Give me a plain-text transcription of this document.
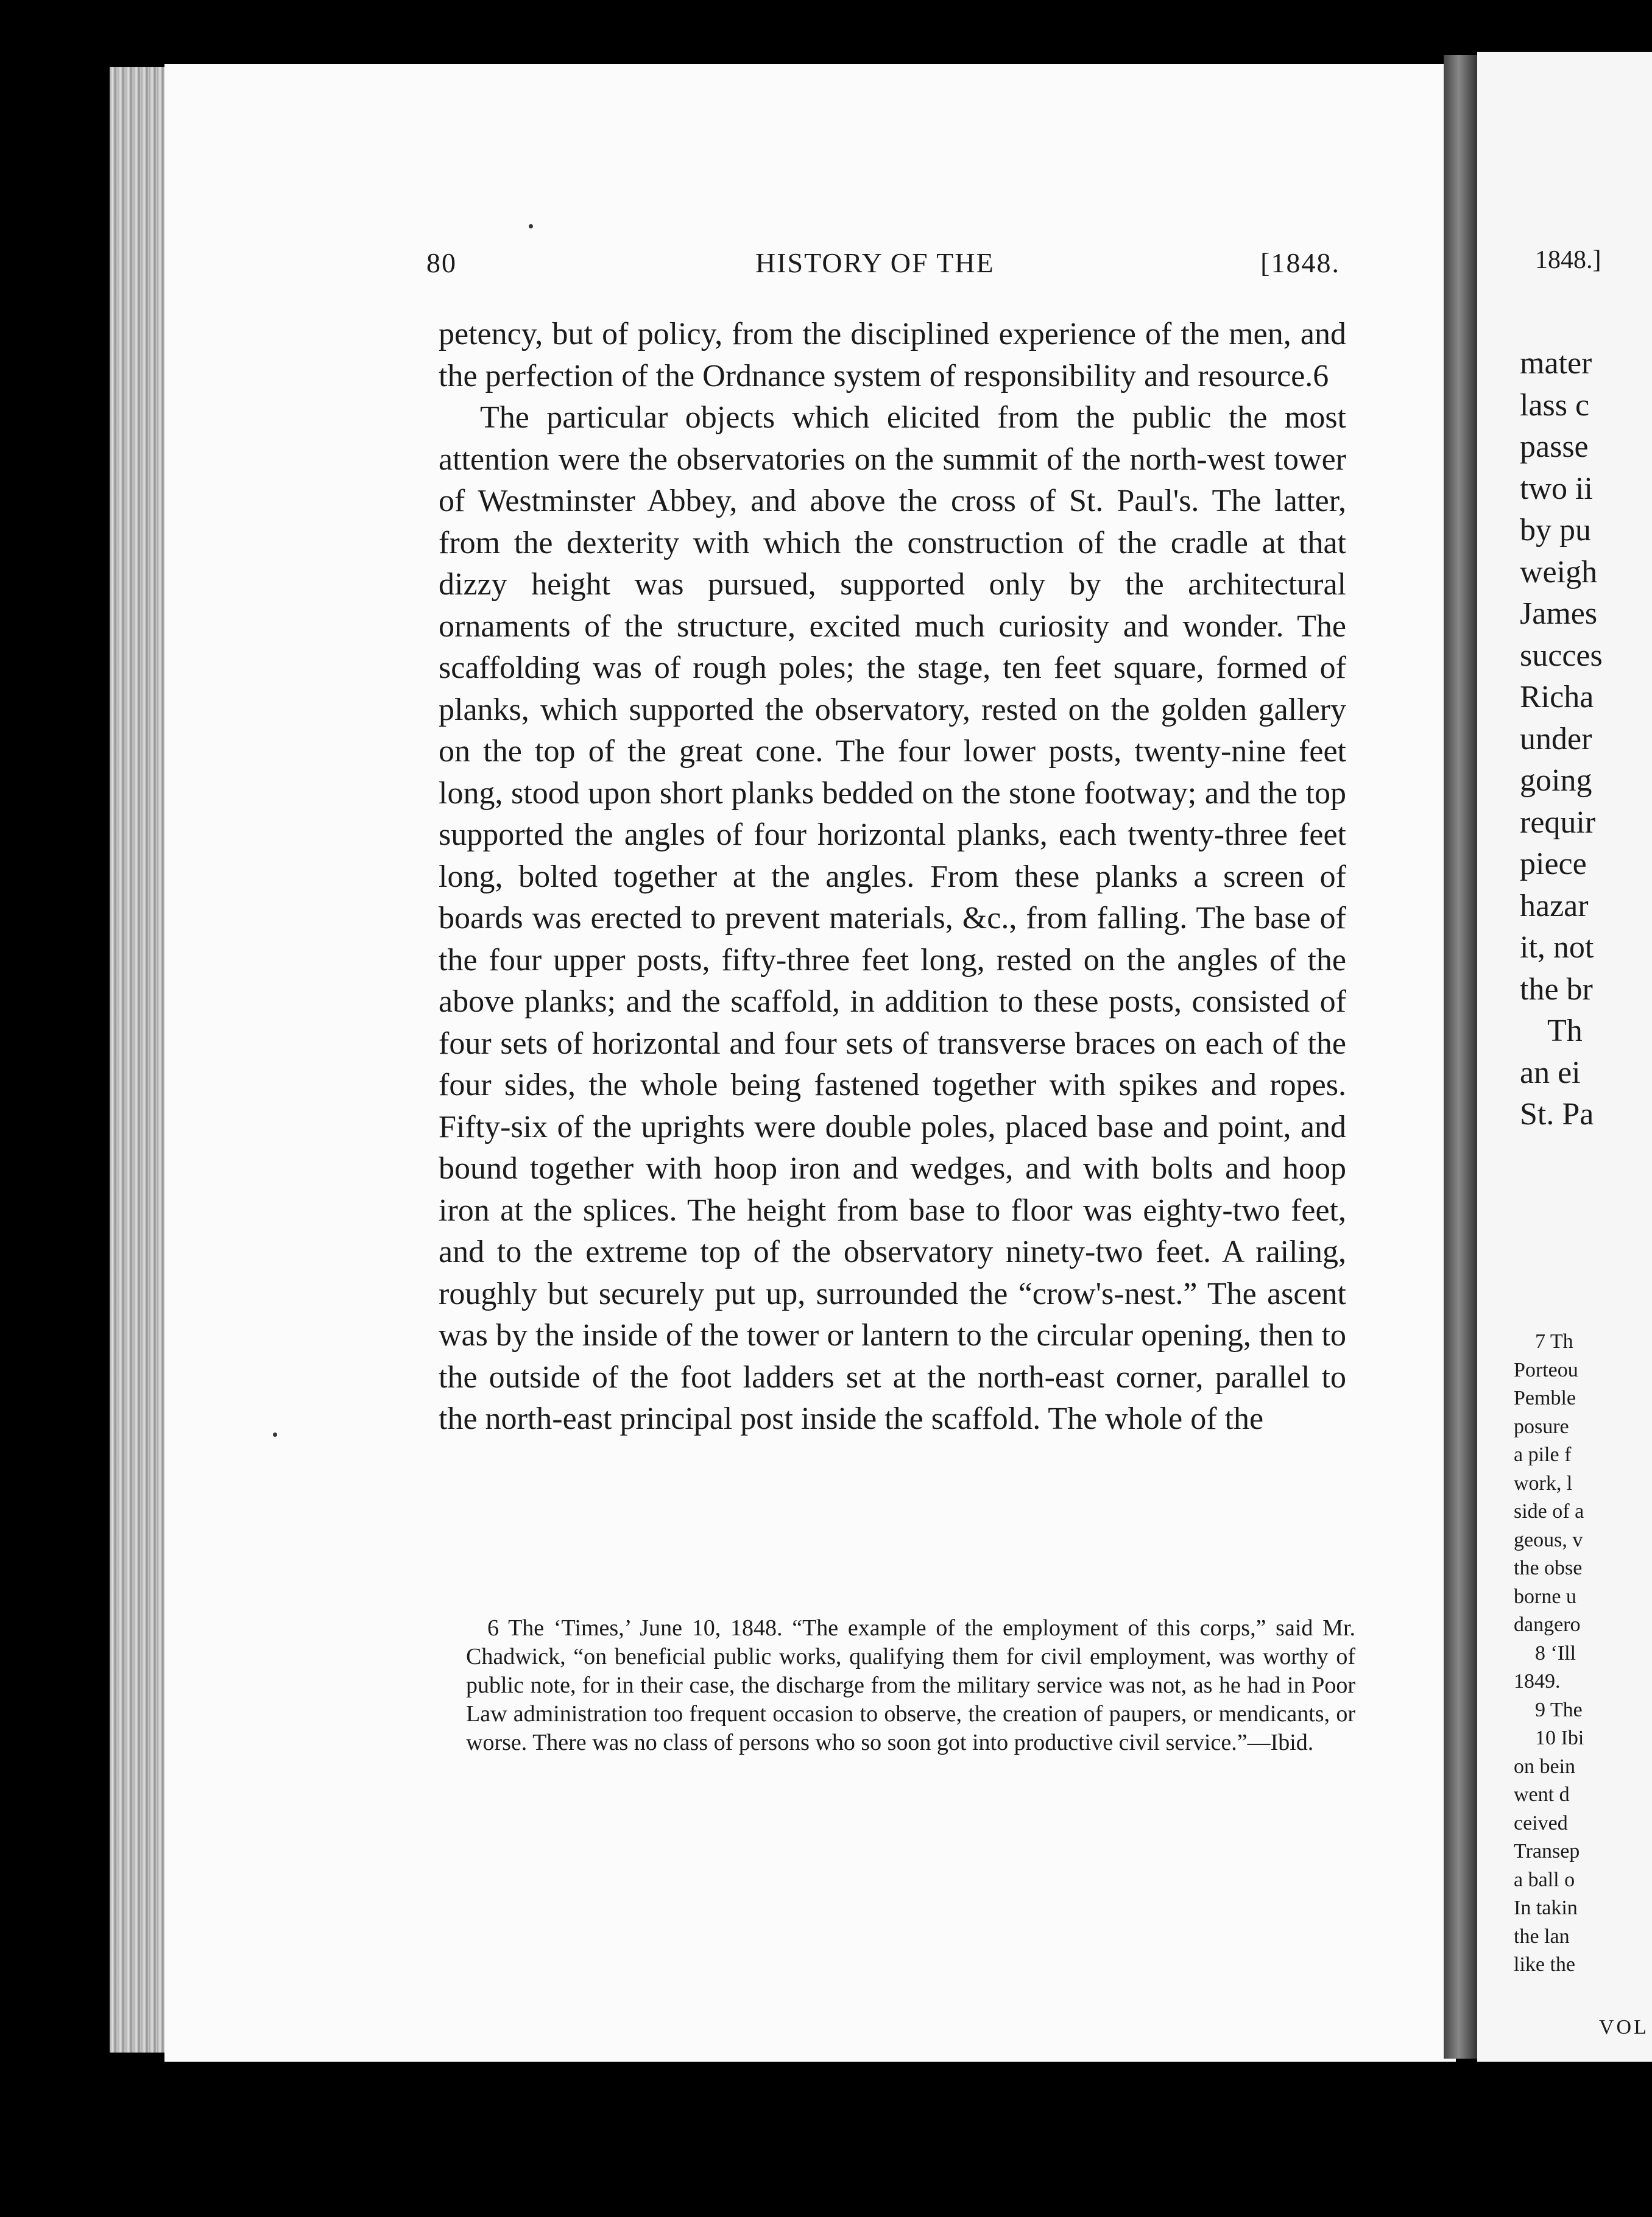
80	HISTORY OF THE	[1848.

petency, but of policy, from the disciplined experience of the men, and the perfection of the Ordnance system of responsibility and resource.6

The particular objects which elicited from the public the most attention were the observatories on the summit of the north-west tower of Westminster Abbey, and above the cross of St. Paul's. The latter, from the dexterity with which the construction of the cradle at that dizzy height was pursued, supported only by the architectural ornaments of the structure, excited much curiosity and wonder. The scaffolding was of rough poles; the stage, ten feet square, formed of planks, which supported the observatory, rested on the golden gallery on the top of the great cone. The four lower posts, twenty-nine feet long, stood upon short planks bedded on the stone footway; and the top supported the angles of four horizontal planks, each twenty-three feet long, bolted together at the angles. From these planks a screen of boards was erected to prevent materials, &c., from falling. The base of the four upper posts, fifty-three feet long, rested on the angles of the above planks; and the scaffold, in addition to these posts, consisted of four sets of horizontal and four sets of transverse braces on each of the four sides, the whole being fastened together with spikes and ropes. Fifty-six of the uprights were double poles, placed base and point, and bound together with hoop iron and wedges, and with bolts and hoop iron at the splices. The height from base to floor was eighty-two feet, and to the extreme top of the observatory ninety-two feet. A railing, roughly but securely put up, surrounded the “crow's-nest.” The ascent was by the inside of the tower or lantern to the circular opening, then to the outside of the foot ladders set at the north-east corner, parallel to the north-east principal post inside the scaffold. The whole of the

6 The ‘Times,’ June 10, 1848. “The example of the employment of this corps,” said Mr. Chadwick, “on beneficial public works, qualifying them for civil employment, was worthy of public note, for in their case, the discharge from the military service was not, as he had in Poor Law administration too frequent occasion to observe, the creation of paupers, or mendicants, or worse. There was no class of persons who so soon got into productive civil service.”—Ibid.

1848.]
mater
lass c
passe
two ii
by pu
weigh
James
succes
Richa
under
going
requir
piece
hazar
it, not
the br
Th
an ei
St. Pa
7 Th
Porteou
Pemble
posure
a pile f
work, l
side of a
geous, v
the obse
borne u
dangero
8 ‘Ill
1849.
9 The
10 Ibi
on bein
went d
ceived
Transep
a ball o
In takin
the lan
like the
VOL
